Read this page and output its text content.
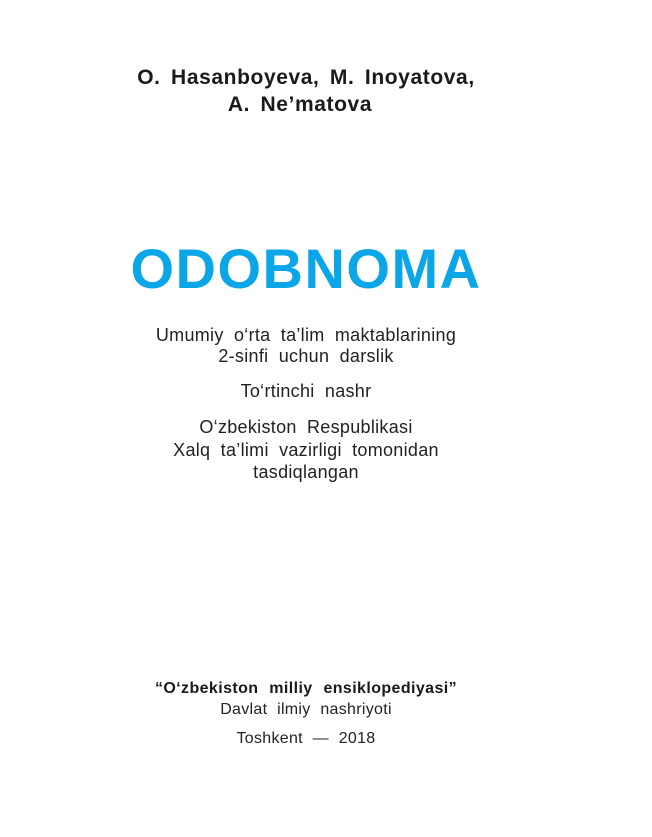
O. Hasanboyeva, M. Inoyatova,
A. Ne’matova
ODOBNOMA
Umumiy o‘rta ta’lim maktablarining
2-sinfi uchun darslik
To‘rtinchi nashr
O‘zbekiston Respublikasi
Xalq ta’limi vazirligi tomonidan
tasdiqlangan
“O‘zbekiston milliy ensiklopediyasi”
Davlat ilmiy nashriyoti
Toshkent — 2018
